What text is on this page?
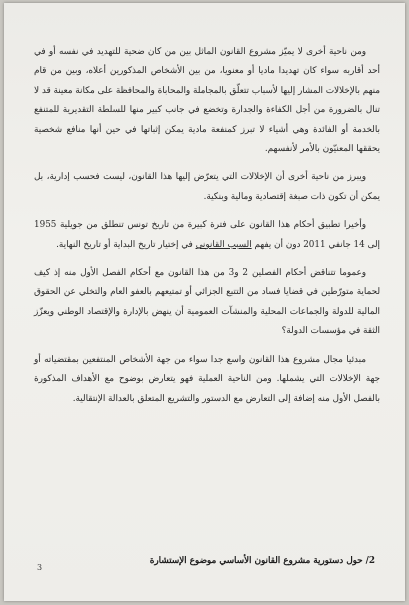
ومن ناحية أخرى لا يميّز مشروع القانون الماثل بين من كان ضحية للتهديد في نفسه أو في أحد أقاربه سواء كان تهديدا ماديا أو معنويا، من بين الأشخاص المذكورين أعلاه، وبين من قام منهم بالإخلالات المشار إليها لأسباب تتعلّق بالمجاملة والمحاباة والمحافظة على مكانة معينة قد لا تنال بالضرورة من أجل الكفاءة والجدارة وتخضع في جانب كبير منها للسلطة التقديرية للمتنفع بالخدمة أو الفائدة وهي أشياء لا تبرز كمنفعة مادية يمكن إثباتها في حين أنها منافع شخصية يحققها المعنيّون بالأمر لأنفسهم.

ويبرز من ناحية أخرى أن الإخلالات التي يتعرّض إليها هذا القانون، ليست فحسب إدارية، بل يمكن أن تكون ذات صبغة إقتصادية ومالية وبنكية.

وأخيرا تطبيق أحكام هذا القانون على فترة كبيرة من تاريخ تونس تنطلق من جويلية 1955 إلى 14 جانفي 2011 دون أن يفهم السبب القانوني في إختيار تاريخ البداية أو تاريخ النهاية.

وعموما تتناقض أحكام الفصلين 2 و3 من هذا القانون مع أحكام الفصل الأول منه إذ كيف لحماية متورّطين في قضايا فساد من التتبع الجزائي أو تمتيعهم بالعفو العام والتخلي عن الحقوق المالية للدولة والجماعات المحلية والمنشآت العمومية أن ينهض بالإدارة والإقتصاد الوطني ويعزّز الثقة في مؤسسات الدولة؟

مبدئيا مجال مشروع هذا القانون واسع جدا سواء من جهة الأشخاص المنتفعين بمقتضياته أو جهة الإخلالات التي يشملها. ومن الناحية العملية فهو يتعارض بوضوح مع الأهداف المذكورة بالفصل الأول منه إضافة إلى التعارض مع الدستور والتشريع المتعلق بالعدالة الإنتقالية.

2/ حول دستورية مشروع القانون الأساسي موضوع الإستشارة
3
